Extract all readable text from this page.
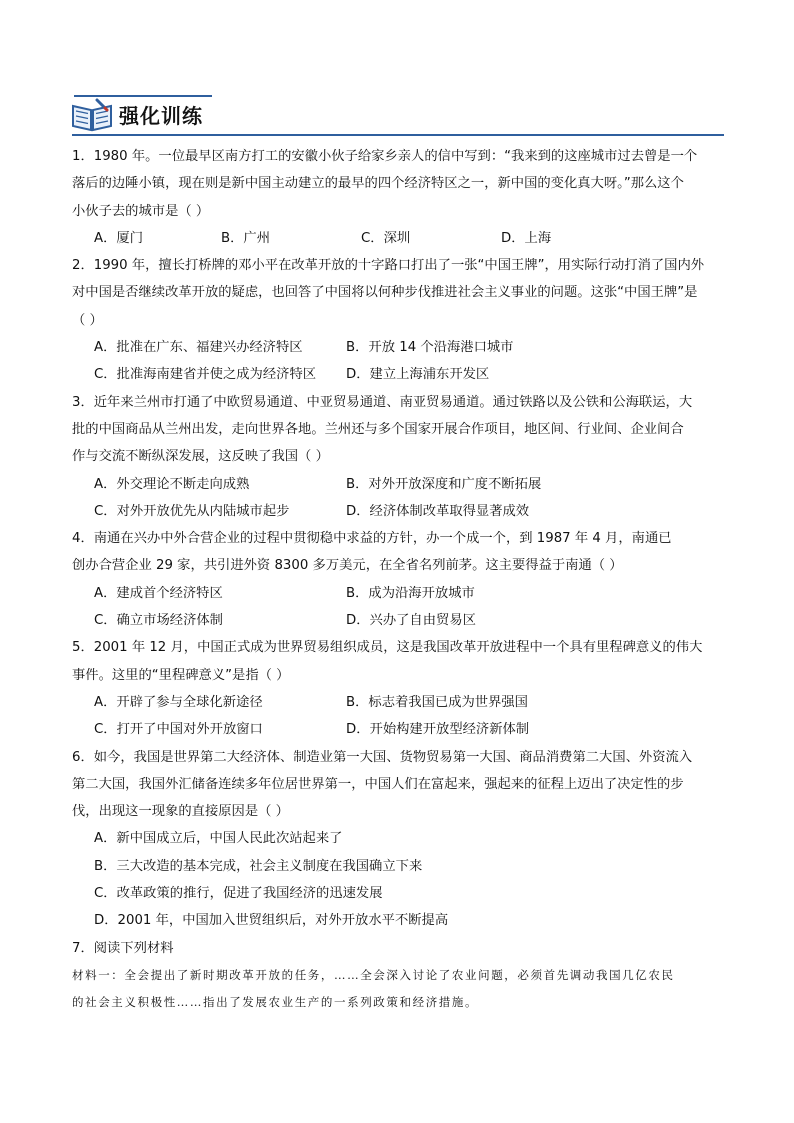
强化训练

1．1980 年。一位最早区南方打工的安徽小伙子给家乡亲人的信中写到：“我来到的这座城市过去曾是一个

落后的边陲小镇，现在则是新中国主动建立的最早的四个经济特区之一，新中国的变化真大呀。”那么这个

小伙子去的城市是（ ）

A．厦门	B．广州	C．深圳	D．上海

2．1990 年，擅长打桥牌的邓小平在改革开放的十字路口打出了一张“中国王牌”，用实际行动打消了国内外

对中国是否继续改革开放的疑虑，也回答了中国将以何种步伐推进社会主义事业的问题。这张“中国王牌”是

（ ）

A．批准在广东、福建兴办经济特区	B．开放 14 个沿海港口城市
C．批准海南建省并使之成为经济特区	D．建立上海浦东开发区

3．近年来兰州市打通了中欧贸易通道、中亚贸易通道、南亚贸易通道。通过铁路以及公铁和公海联运，大

批的中国商品从兰州出发，走向世界各地。兰州还与多个国家开展合作项目，地区间、行业间、企业间合

作与交流不断纵深发展，这反映了我国（ ）

A．外交理论不断走向成熟	B．对外开放深度和广度不断拓展
C．对外开放优先从内陆城市起步	D．经济体制改革取得显著成效

4．南通在兴办中外合营企业的过程中贯彻稳中求益的方针，办一个成一个，到 1987 年 4 月，南通已

创办合营企业 29 家，共引进外资 8300 多万美元，在全省名列前茅。这主要得益于南通（ ）

A．建成首个经济特区	B．成为沿海开放城市
C．确立市场经济体制	D．兴办了自由贸易区

5．2001 年 12 月，中国正式成为世界贸易组织成员，这是我国改革开放进程中一个具有里程碑意义的伟大

事件。这里的“里程碑意义”是指（ ）

A．开辟了参与全球化新途径	B．标志着我国已成为世界强国
C．打开了中国对外开放窗口	D．开始构建开放型经济新体制

6．如今，我国是世界第二大经济体、制造业第一大国、货物贸易第一大国、商品消费第二大国、外资流入

第二大国，我国外汇储备连续多年位居世界第一，中国人们在富起来，强起来的征程上迈出了决定性的步

伐，出现这一现象的直接原因是（ ）

A．新中国成立后，中国人民此次站起来了

B．三大改造的基本完成，社会主义制度在我国确立下来

C．改革政策的推行，促进了我国经济的迅速发展

D．2001 年，中国加入世贸组织后，对外开放水平不断提高

7．阅读下列材料

材料一：全会提出了新时期改革开放的任务，……全会深入讨论了农业问题，必须首先调动我国几亿农民

的社会主义积极性……指出了发展农业生产的一系列政策和经济措施。
